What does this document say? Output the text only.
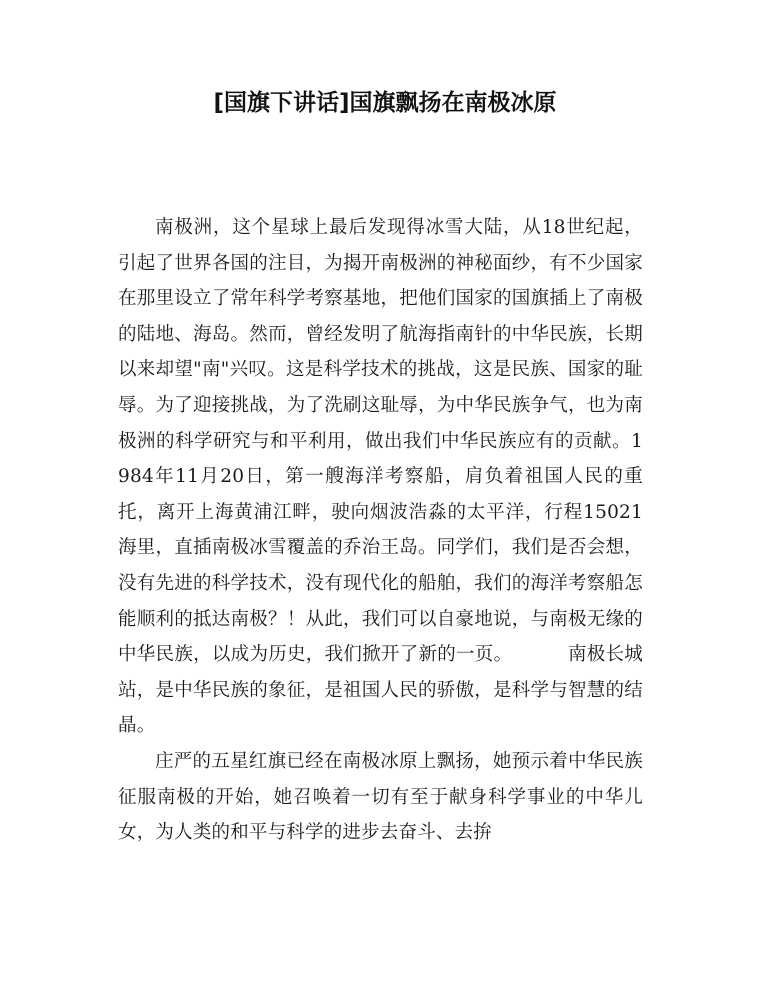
[国旗下讲话]国旗飘扬在南极冰原

南极洲，这个星球上最后发现得冰雪大陆，从18世纪起，引起了世界各国的注目，为揭开南极洲的神秘面纱，有不少国家在那里设立了常年科学考察基地，把他们国家的国旗插上了南极的陆地、海岛。然而，曾经发明了航海指南针的中华民族，长期以来却望"南"兴叹。这是科学技术的挑战，这是民族、国家的耻辱。为了迎接挑战，为了洗刷这耻辱，为中华民族争气，也为南极洲的科学研究与和平利用，做出我们中华民族应有的贡献。1984年11月20日，第一艘海洋考察船，肩负着祖国人民的重托，离开上海黄浦江畔，驶向烟波浩淼的太平洋，行程15021海里，直插南极冰雪覆盖的乔治王岛。同学们，我们是否会想，没有先进的科学技术，没有现代化的船舶，我们的海洋考察船怎能顺利的抵达南极？！从此，我们可以自豪地说，与南极无缘的中华民族，以成为历史，我们掀开了新的一页。	南极长城站，是中华民族的象征，是祖国人民的骄傲，是科学与智慧的结晶。

庄严的五星红旗已经在南极冰原上飘扬，她预示着中华民族征服南极的开始，她召唤着一切有至于献身科学事业的中华儿女，为人类的和平与科学的进步去奋斗、去拚
